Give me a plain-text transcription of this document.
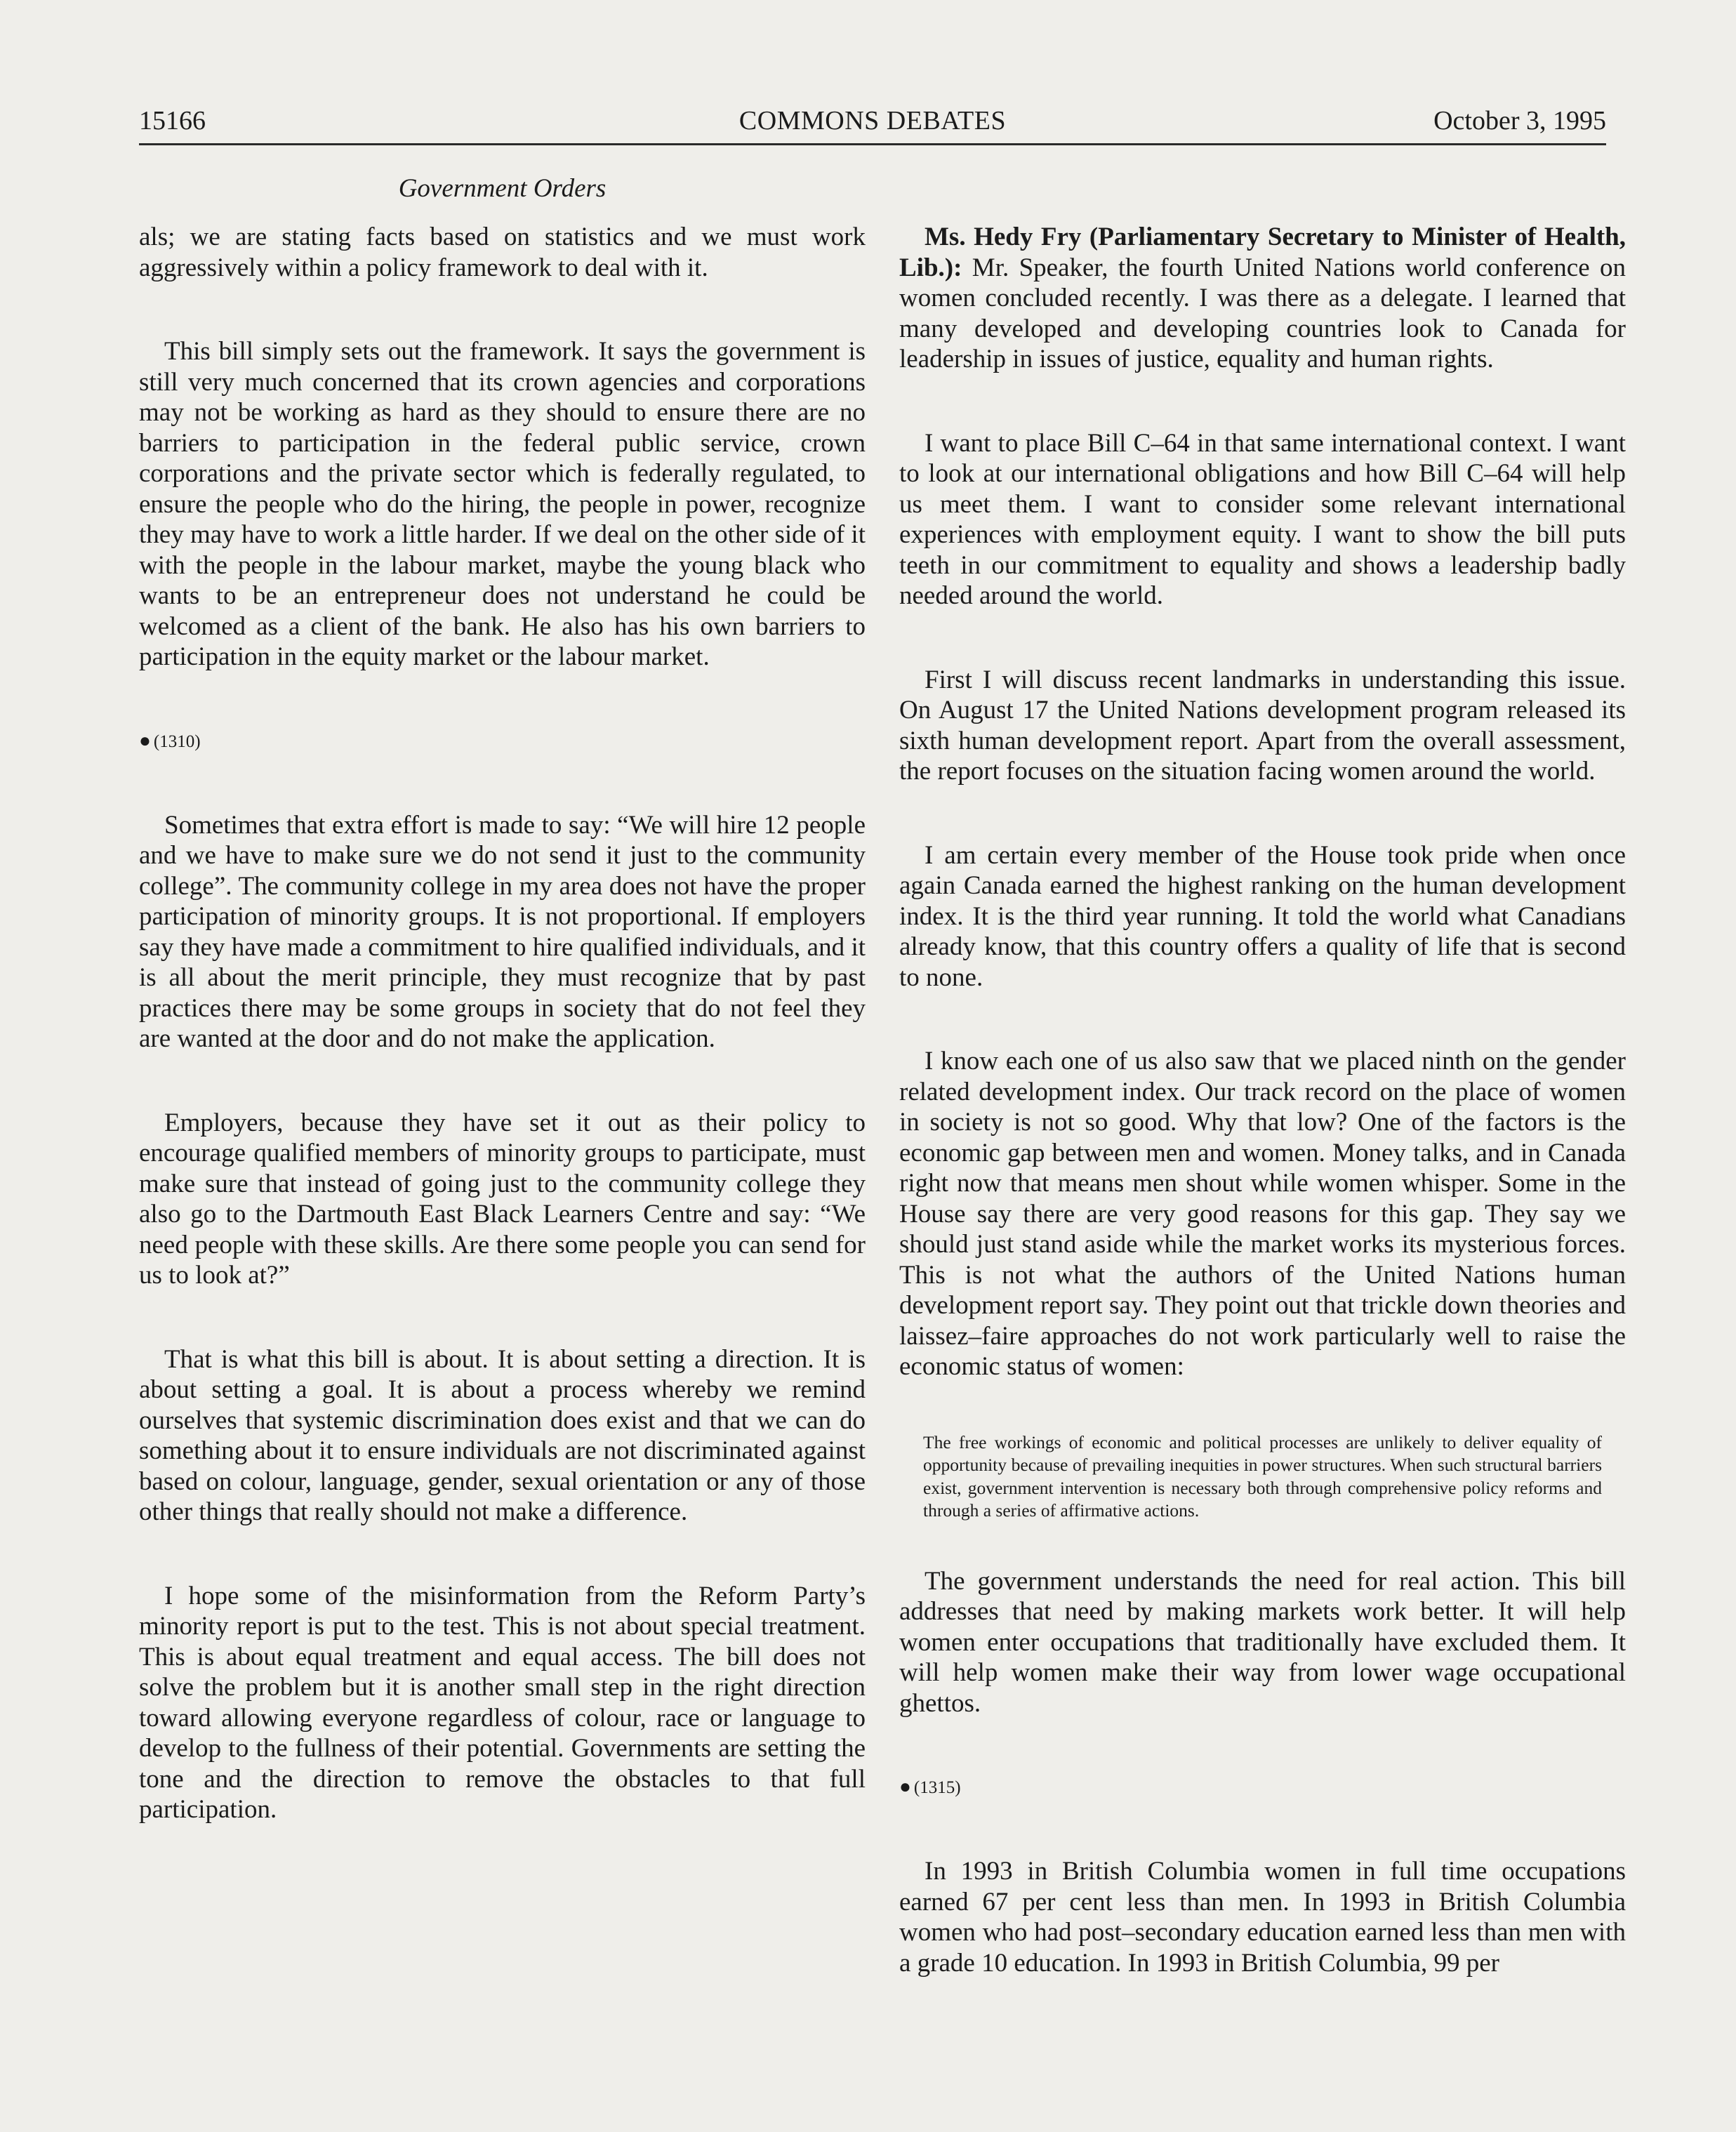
15166	COMMONS DEBATES	October 3, 1995
Government Orders

als; we are stating facts based on statistics and we must work aggressively within a policy framework to deal with it.

This bill simply sets out the framework. It says the government is still very much concerned that its crown agencies and corporations may not be working as hard as they should to ensure there are no barriers to participation in the federal public service, crown corporations and the private sector which is federally regulated, to ensure the people who do the hiring, the people in power, recognize they may have to work a little harder. If we deal on the other side of it with the people in the labour market, maybe the young black who wants to be an entrepreneur does not understand he could be welcomed as a client of the bank. He also has his own barriers to participation in the equity market or the labour market.

● (1310)

Sometimes that extra effort is made to say: “We will hire 12 people and we have to make sure we do not send it just to the community college”. The community college in my area does not have the proper participation of minority groups. It is not proportional. If employers say they have made a commitment to hire qualified individuals, and it is all about the merit principle, they must recognize that by past practices there may be some groups in society that do not feel they are wanted at the door and do not make the application.

Employers, because they have set it out as their policy to encourage qualified members of minority groups to participate, must make sure that instead of going just to the community college they also go to the Dartmouth East Black Learners Centre and say: “We need people with these skills. Are there some people you can send for us to look at?”

That is what this bill is about. It is about setting a direction. It is about setting a goal. It is about a process whereby we remind ourselves that systemic discrimination does exist and that we can do something about it to ensure individuals are not discriminated against based on colour, language, gender, sexual orientation or any of those other things that really should not make a difference.

I hope some of the misinformation from the Reform Party’s minority report is put to the test. This is not about special treatment. This is about equal treatment and equal access. The bill does not solve the problem but it is another small step in the right direction toward allowing everyone regardless of colour, race or language to develop to the fullness of their potential. Governments are setting the tone and the direction to remove the obstacles to that full participation.

Ms. Hedy Fry (Parliamentary Secretary to Minister of Health, Lib.): Mr. Speaker, the fourth United Nations world conference on women concluded recently. I was there as a delegate. I learned that many developed and developing countries look to Canada for leadership in issues of justice, equality and human rights.

I want to place Bill C–64 in that same international context. I want to look at our international obligations and how Bill C–64 will help us meet them. I want to consider some relevant international experiences with employment equity. I want to show the bill puts teeth in our commitment to equality and shows a leadership badly needed around the world.

First I will discuss recent landmarks in understanding this issue. On August 17 the United Nations development program released its sixth human development report. Apart from the overall assessment, the report focuses on the situation facing women around the world.

I am certain every member of the House took pride when once again Canada earned the highest ranking on the human development index. It is the third year running. It told the world what Canadians already know, that this country offers a quality of life that is second to none.

I know each one of us also saw that we placed ninth on the gender related development index. Our track record on the place of women in society is not so good. Why that low? One of the factors is the economic gap between men and women. Money talks, and in Canada right now that means men shout while women whisper. Some in the House say there are very good reasons for this gap. They say we should just stand aside while the market works its mysterious forces. This is not what the authors of the United Nations human development report say. They point out that trickle down theories and laissez–faire approaches do not work particularly well to raise the economic status of women:

The free workings of economic and political processes are unlikely to deliver equality of opportunity because of prevailing inequities in power structures. When such structural barriers exist, government intervention is necessary both through comprehensive policy reforms and through a series of affirmative actions.

The government understands the need for real action. This bill addresses that need by making markets work better. It will help women enter occupations that traditionally have excluded them. It will help women make their way from lower wage occupational ghettos.

● (1315)

In 1993 in British Columbia women in full time occupations earned 67 per cent less than men. In 1993 in British Columbia women who had post–secondary education earned less than men with a grade 10 education. In 1993 in British Columbia, 99 per
